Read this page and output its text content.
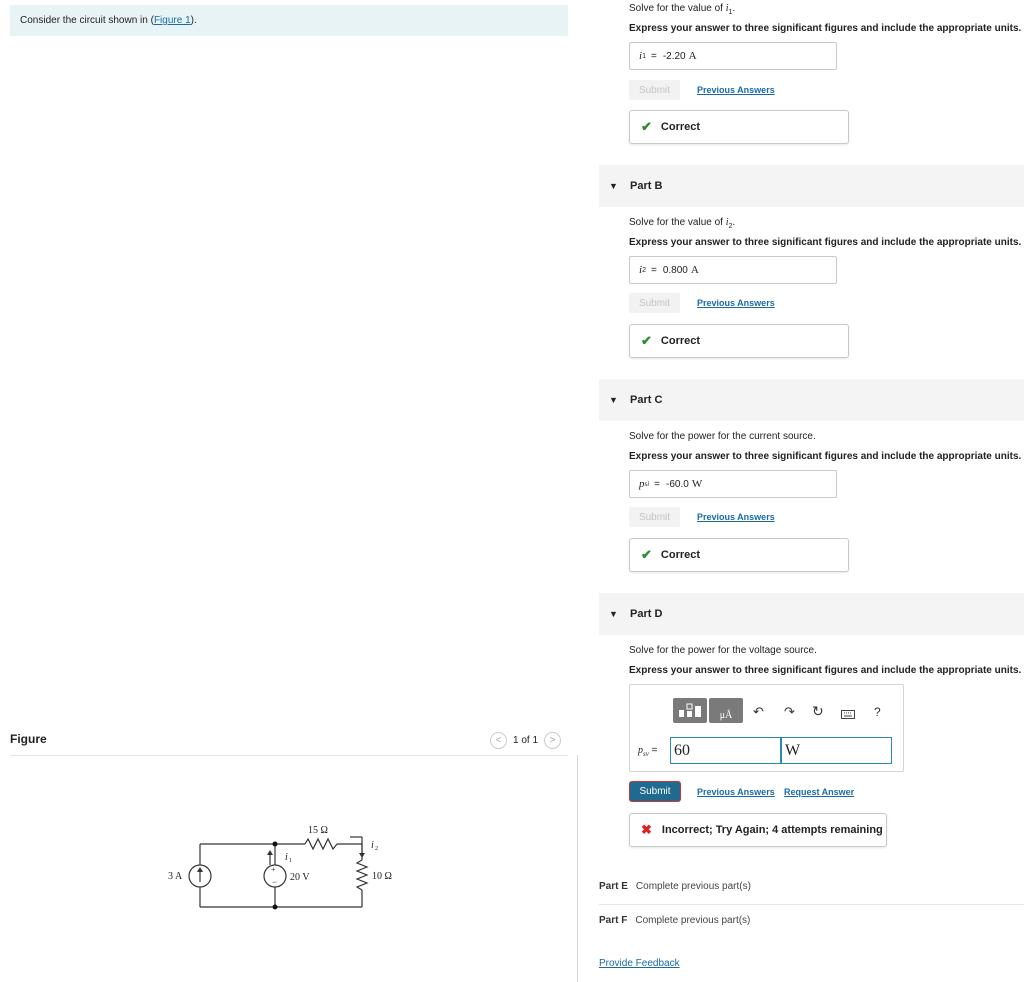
Consider the circuit shown in (Figure 1).
Figure	<	1 of 1	>
3 A	20 V
15 Ω
10 Ω
+
−
i 1
i 2
Solve for the value of $i_1$.
Express your answer to three significant figures and include the appropriate units.
i 1 = -2.20 A
Submit	Previous Answers
✔ Correct
▼ Part B
Solve for the value of $i_2$.
Express your answer to three significant figures and include the appropriate units.
i 2 = 0.800 A
Submit	Previous Answers
✔ Correct
▼ Part C
Solve for the power for the current source.
Express your answer to three significant figures and include the appropriate units.
p si = -60.0 W
Submit	Previous Answers
✔ Correct
▼ Part D
Solve for the power for the voltage source.
Express your answer to three significant figures and include the appropriate units.
μÅ	↶ ↷ ↻	?
$p_{sv} = 60$	W
Submit	Previous Answers Request Answer
✖ Incorrect; Try Again; 4 attempts remaining
Part E Complete previous part(s)
Part F Complete previous part(s)
Provide Feedback
